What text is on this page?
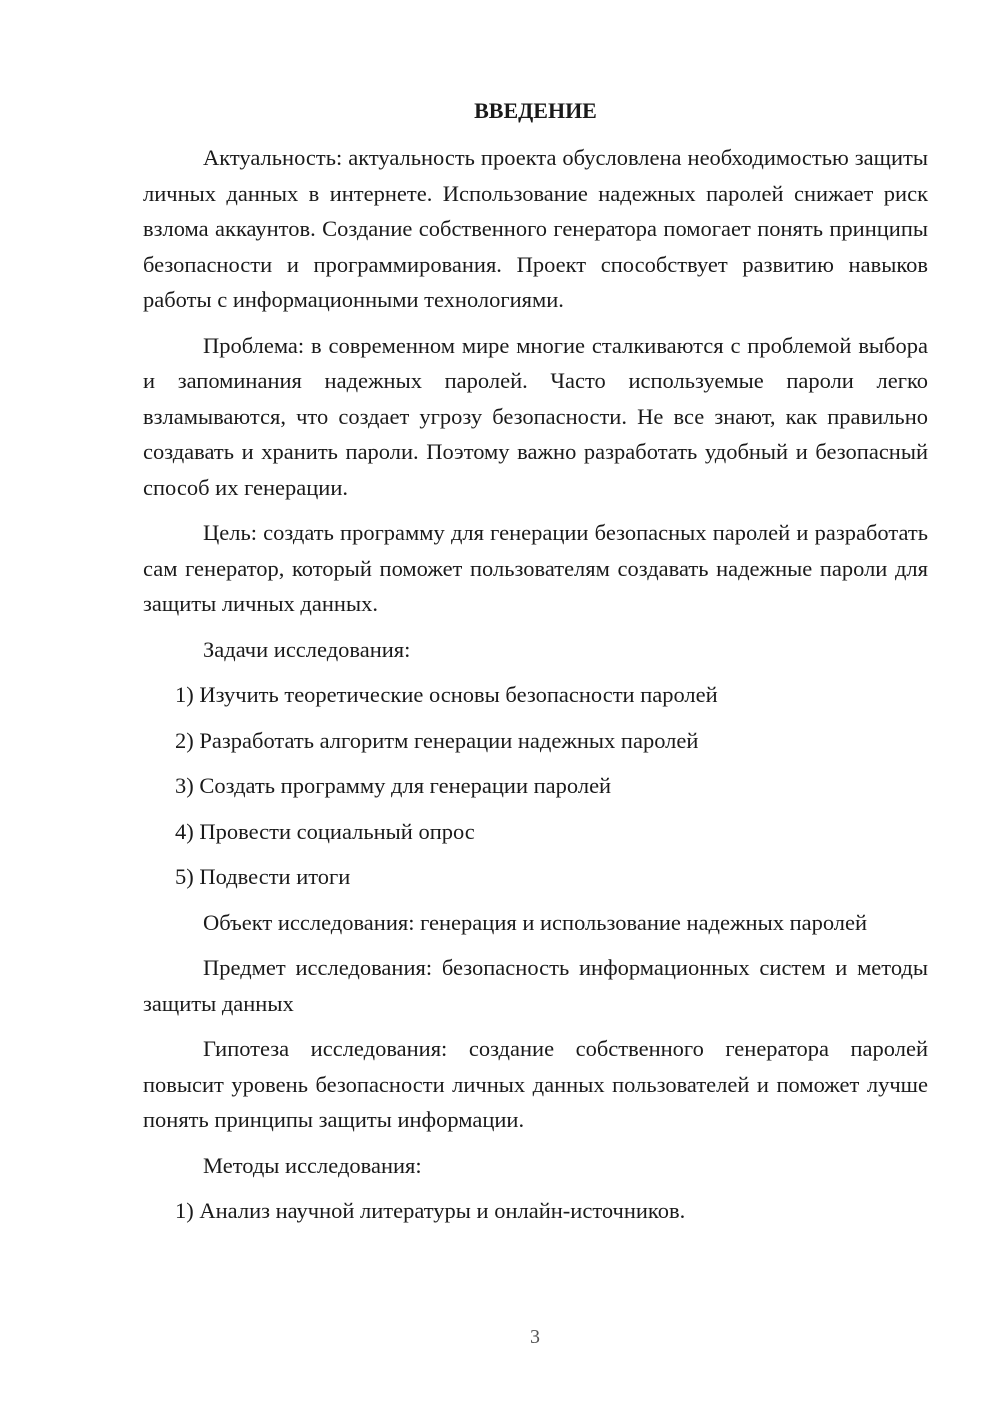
ВВЕДЕНИЕ

Актуальность: актуальность проекта обусловлена необходимостью защиты личных данных в интернете. Использование надежных паролей снижает риск взлома аккаунтов. Создание собственного генератора помогает понять принципы безопасности и программирования. Проект способствует развитию навыков работы с информационными технологиями.

Проблема: в современном мире многие сталкиваются с проблемой выбора и запоминания надежных паролей. Часто используемые пароли легко взламываются, что создает угрозу безопасности. Не все знают, как правильно создавать и хранить пароли. Поэтому важно разработать удобный и безопасный способ их генерации.

Цель: создать программу для генерации безопасных паролей и разработать сам генератор, который поможет пользователям создавать надежные пароли для защиты личных данных.

Задачи исследования:

1) Изучить теоретические основы безопасности паролей
2) Разработать алгоритм генерации надежных паролей
3) Создать программу для генерации паролей
4) Провести социальный опрос
5) Подвести итоги

Объект исследования: генерация и использование надежных паролей

Предмет исследования: безопасность информационных систем и методы защиты данных

Гипотеза исследования: создание собственного генератора паролей повысит уровень безопасности личных данных пользователей и поможет лучше понять принципы защиты информации.

Методы исследования:

1) Анализ научной литературы и онлайн-источников.
3
